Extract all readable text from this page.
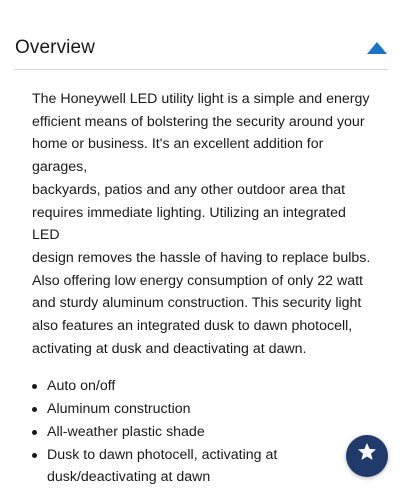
Overview

The Honeywell LED utility light is a simple and energy
efficient means of bolstering the security around your
home or business. It's an excellent addition for garages,
backyards, patios and any other outdoor area that
requires immediate lighting. Utilizing an integrated LED
design removes the hassle of having to replace bulbs.
Also offering low energy consumption of only 22 watt
and sturdy aluminum construction. This security light
also features an integrated dusk to dawn photocell,
activating at dusk and deactivating at dawn.

Auto on/off
Aluminum construction
All-weather plastic shade
Dusk to dawn photocell, activating at
dusk/deactivating at dawn
